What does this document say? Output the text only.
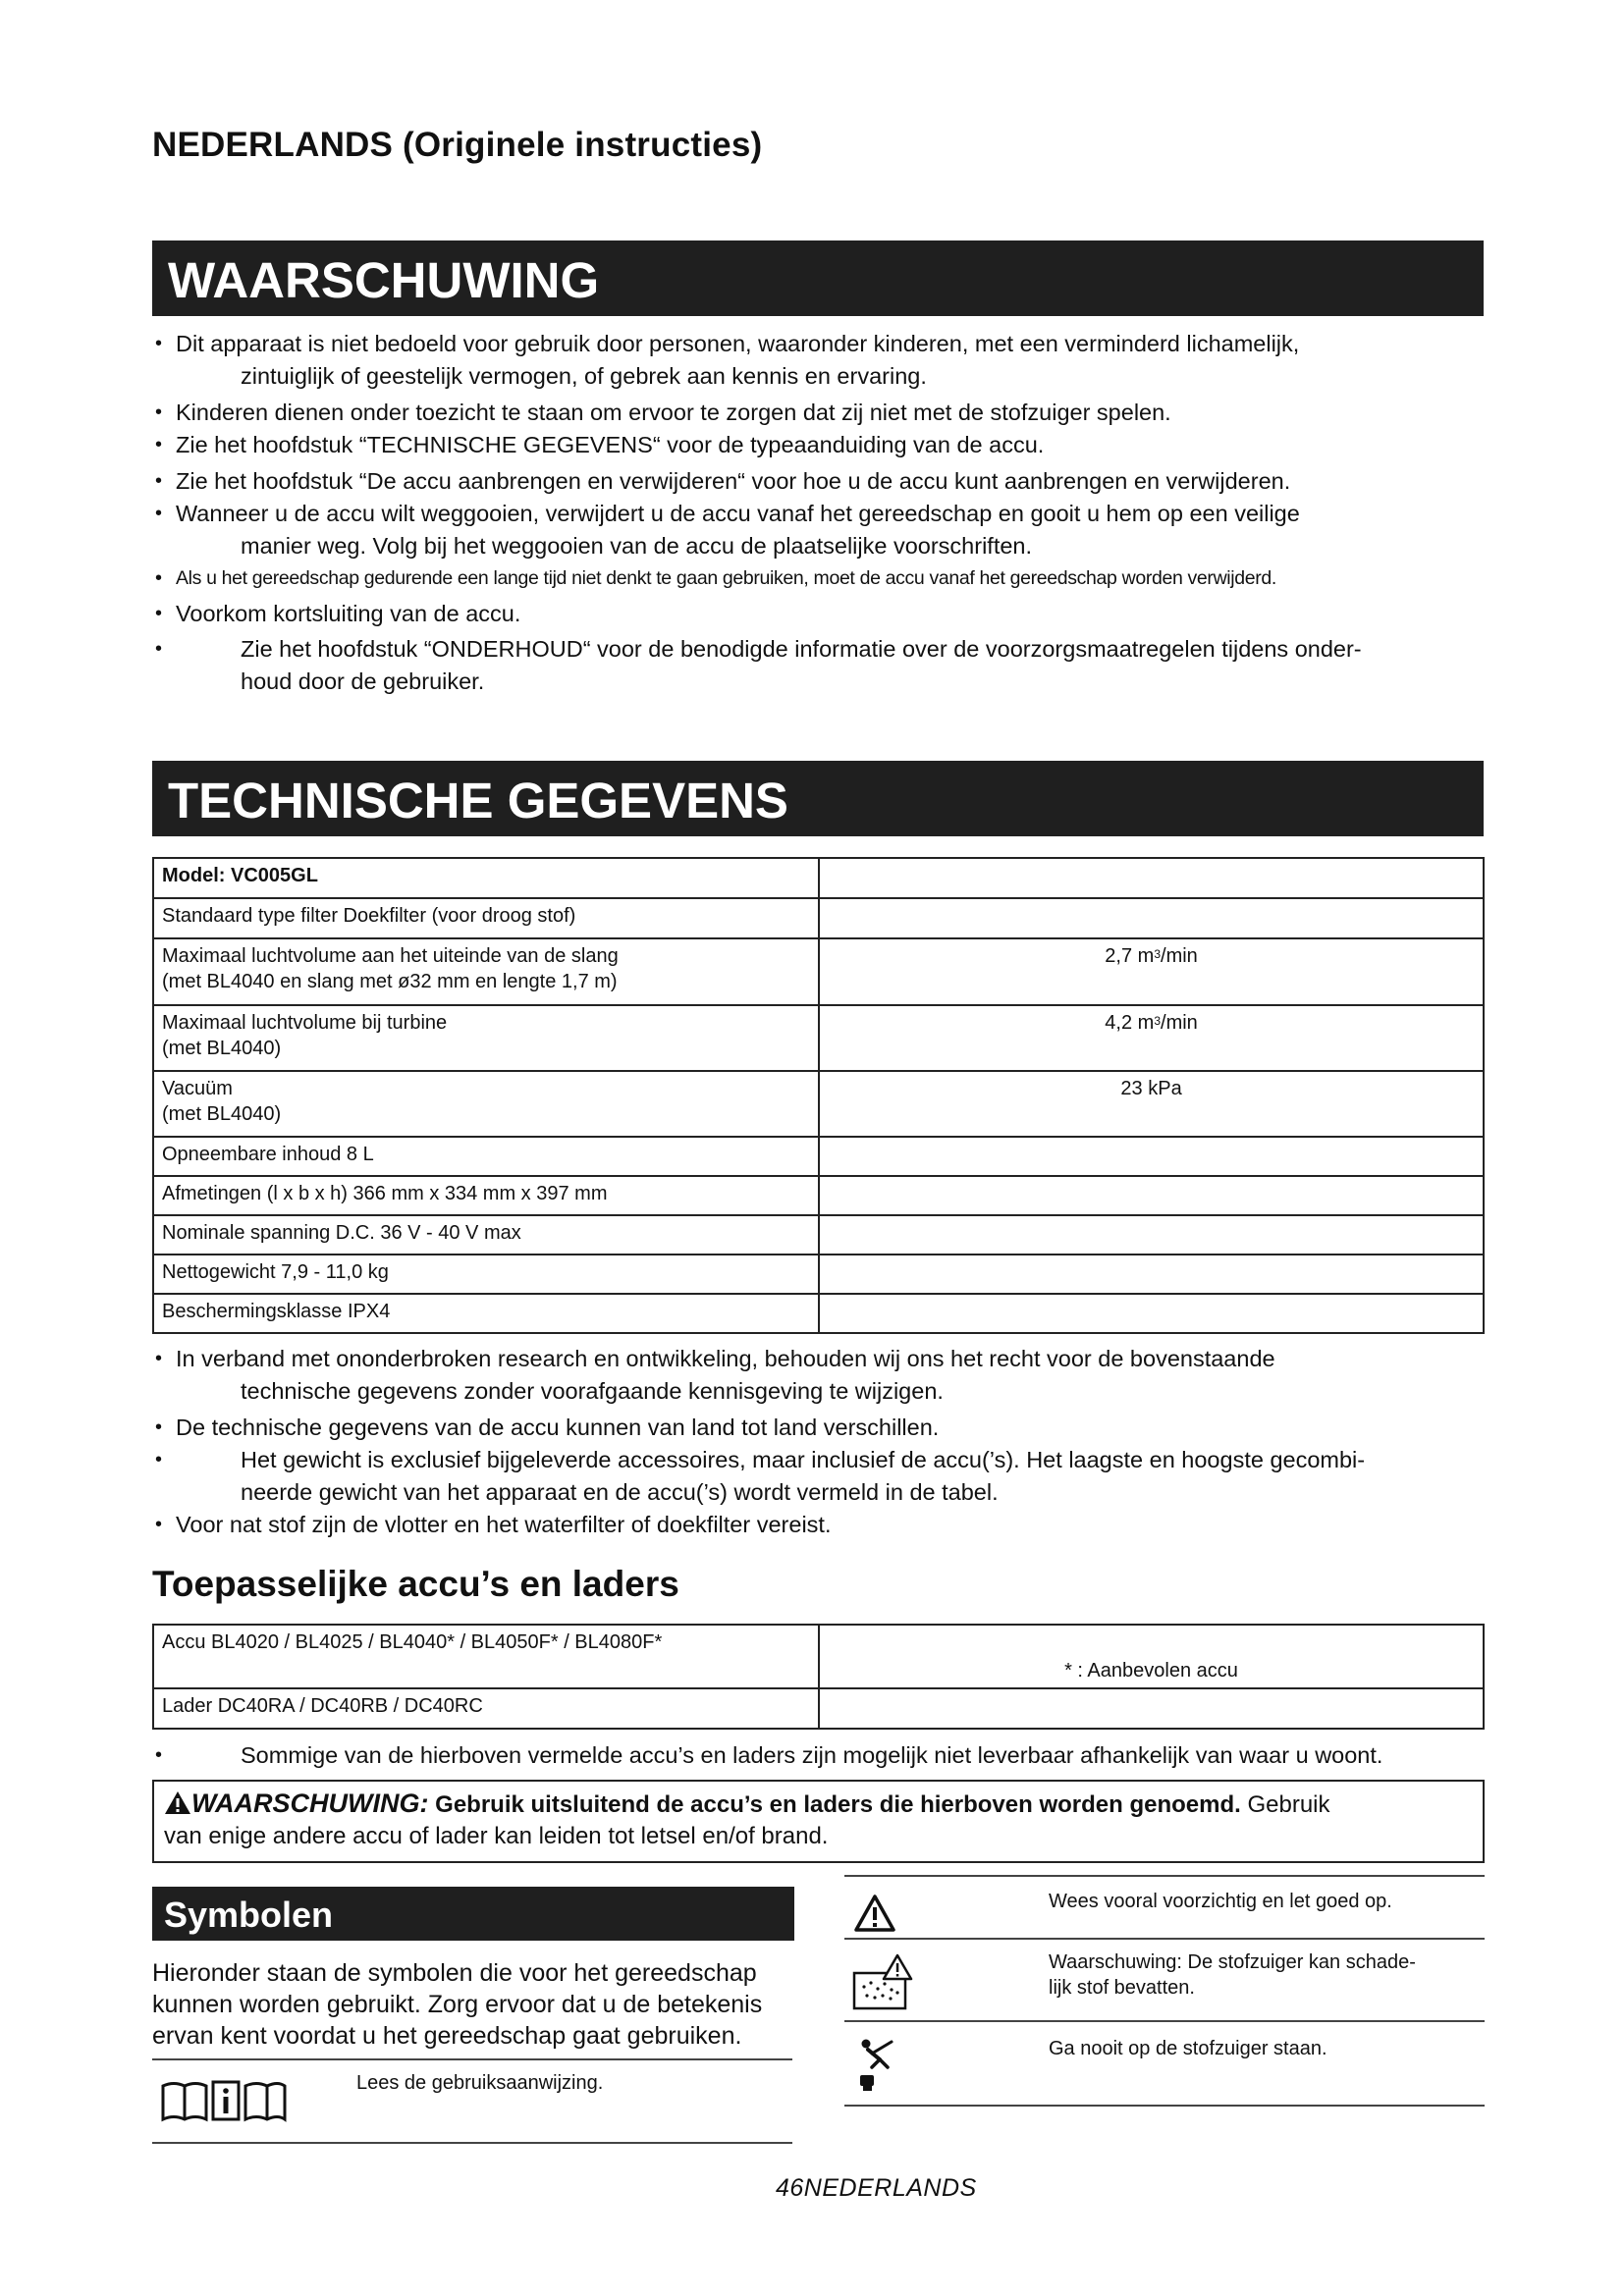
NEDERLANDS (Originele instructies)
WAARSCHUWING
• Dit apparaat is niet bedoeld voor gebruik door personen, waaronder kinderen, met een verminderd lichamelijk,
zintuiglijk of geestelijk vermogen, of gebrek aan kennis en ervaring.
• Kinderen dienen onder toezicht te staan om ervoor te zorgen dat zij niet met de stofzuiger spelen.
• Zie het hoofdstuk “TECHNISCHE GEGEVENS“ voor de typeaanduiding van de accu.
• Zie het hoofdstuk “De accu aanbrengen en verwijderen“ voor hoe u de accu kunt aanbrengen en verwijderen.
• Wanneer u de accu wilt weggooien, verwijdert u de accu vanaf het gereedschap en gooit u hem op een veilige
manier weg. Volg bij het weggooien van de accu de plaatselijke voorschriften.
• Als u het gereedschap gedurende een lange tijd niet denkt te gaan gebruiken, moet de accu vanaf het gereedschap worden verwijderd.
• Voorkom kortsluiting van de accu.
• Zie het hoofdstuk “ONDERHOUD“ voor de benodigde informatie over de voorzorgsmaatregelen tijdens onder-
houd door de gebruiker.
TECHNISCHE GEGEVENS
Model: VC005GL	

Standaard type filter Doekfilter (voor droog stof)	

Maximaal luchtvolume aan het uiteinde van de slang
(met BL4040 en slang met ø32 mm en lengte 1,7 m)	2,7 $m^3/\min$

Maximaal luchtvolume bij turbine
(met BL4040)	4,2 $m^3/\min$

Vacuüm
(met BL4040)	23 kPa

Opneembare inhoud 8 L	

Afmetingen (l x b x h) 366 mm x 334 mm x 397 mm	

Nominale spanning D.C. 36 V - 40 V max	

Nettogewicht 7,9 - 11,0 kg	

Beschermingsklasse IPX4	

• In verband met ononderbroken research en ontwikkeling, behouden wij ons het recht voor de bovenstaande
technische gegevens zonder voorafgaande kennisgeving te wijzigen.
• De technische gegevens van de accu kunnen van land tot land verschillen.
• Het gewicht is exclusief bijgeleverde accessoires, maar inclusief de accu(’s). Het laagste en hoogste gecombi-
neerde gewicht van het apparaat en de accu(’s) wordt vermeld in de tabel.
• Voor nat stof zijn de vlotter en het waterfilter of doekfilter vereist.
Toepasselijke accu’s en laders
Accu BL4020 / BL4025 / BL4040* / BL4050F* / BL4080F*	* : Aanbevolen accu

Lader DC40RA / DC40RB / DC40RC	

• Sommige van de hierboven vermelde accu’s en laders zijn mogelijk niet leverbaar afhankelijk van waar u woont.
WAARSCHUWING: Gebruik uitsluitend de accu’s en laders die hierboven worden genoemd. Gebruik
van enige andere accu of lader kan leiden tot letsel en/of brand.
Symbolen
Hieronder staan de symbolen die voor het gereedschap
kunnen worden gebruikt. Zorg ervoor dat u de betekenis
ervan kent voordat u het gereedschap gaat gebruiken.
Lees de gebruiksaanwijzing.
Wees vooral voorzichtig en let goed op.
Waarschuwing: De stofzuiger kan schade-
lijk stof bevatten.
Ga nooit op de stofzuiger staan.
46NEDERLANDS
